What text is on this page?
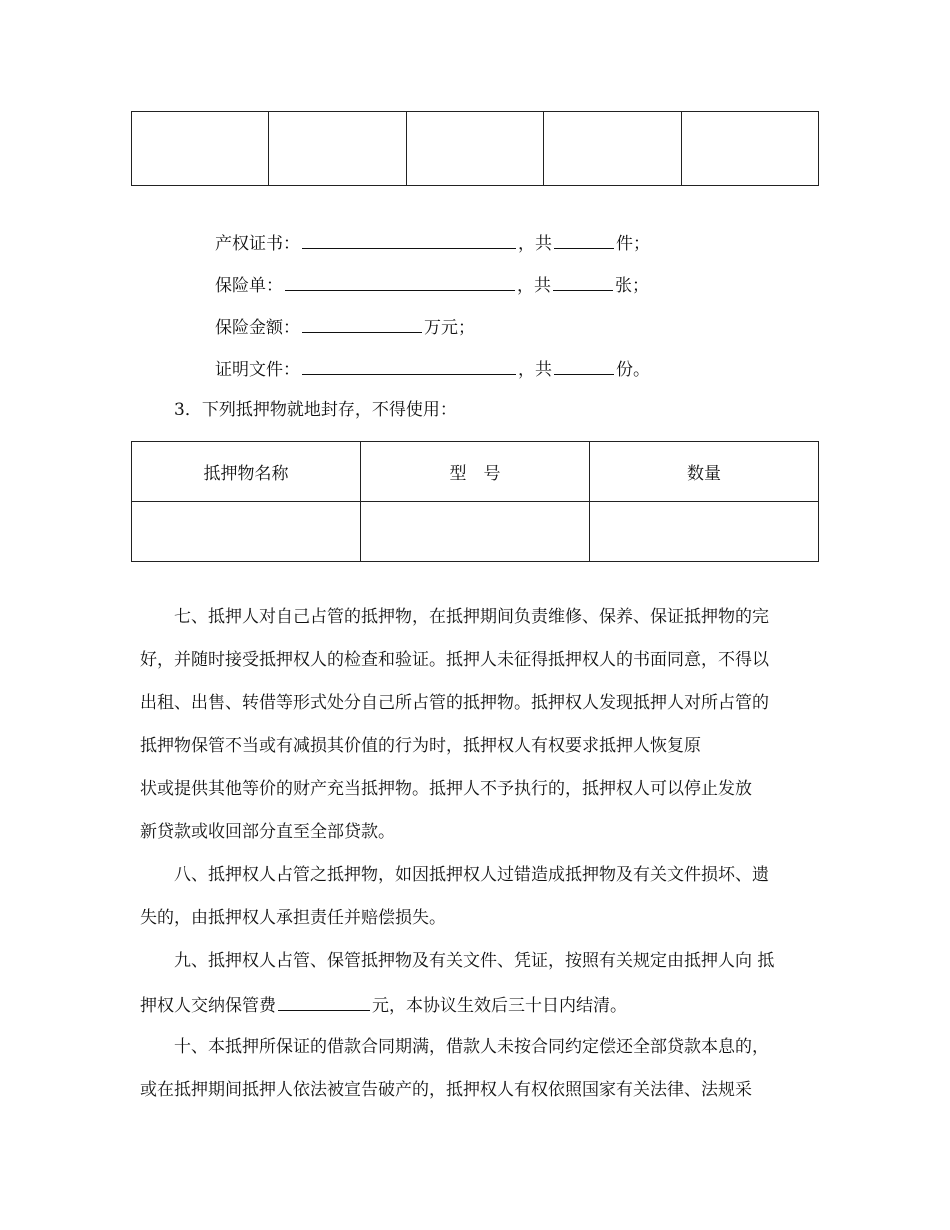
产权证书：	，共	件；
保险单：	，共	张；
保险金额：	万元；
证明文件：	，共	份。
3．下列抵押物就地封存，不得使用：
抵押物名称	型　号	数量

七、抵押人对自己占管的抵押物，在抵押期间负责维修、保养、保证抵押物的完
好，并随时接受抵押权人的检查和验证。抵押人未征得抵押权人的书面同意，不得以
出租、出售、转借等形式处分自己所占管的抵押物。抵押权人发现抵押人对所占管的
抵押物保管不当或有减损其价值的行为时，抵押权人有权要求抵押人恢复原
状或提供其他等价的财产充当抵押物。抵押人不予执行的，抵押权人可以停止发放
新贷款或收回部分直至全部贷款。
八、抵押权人占管之抵押物，如因抵押权人过错造成抵押物及有关文件损坏、遗
失的，由抵押权人承担责任并赔偿损失。
九、抵押权人占管、保管抵押物及有关文件、凭证，按照有关规定由抵押人向 抵
押权人交纳保管费	元，本协议生效后三十日内结清。
十、本抵押所保证的借款合同期满，借款人未按合同约定偿还全部贷款本息的，
或在抵押期间抵押人依法被宣告破产的，抵押权人有权依照国家有关法律、法规采
